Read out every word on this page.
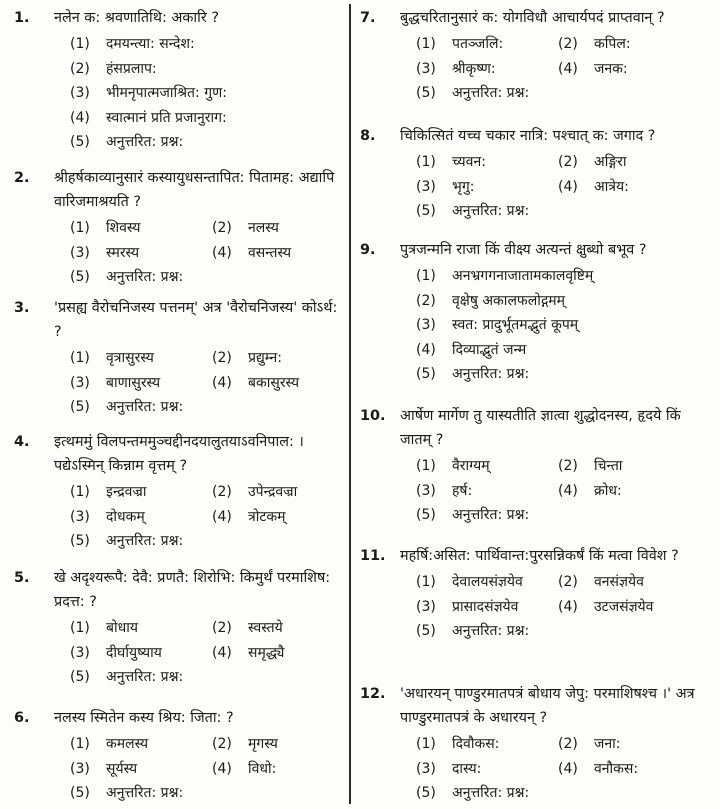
1.	नलेन क: श्रवणातिथि: अकारि ?
(1)	दमयन्त्या: सन्देश:
(2)	हंसप्रलाप:
(3)	भीमनृपात्मजाश्रित: गुण:
(4)	स्वात्मानं प्रति प्रजानुराग:
(5)	अनुत्तरित: प्रश्न:
2.	श्रीहर्षकाव्यानुसारं कस्यायुधसन्तापित: पितामह: अद्यापि वारिजमाश्रयति ?
(1)	शिवस्य	(2)	नलस्य
(3)	स्मरस्य	(4)	वसन्तस्य
(5)	अनुत्तरित: प्रश्न:
3.	'प्रसह्य वैरोचनिजस्य पत्तनम्' अत्र 'वैरोचनिजस्य' कोऽर्थ: ?
(1)	वृत्रासुरस्य	(2)	प्रद्युम्न:
(3)	बाणासुरस्य	(4)	बकासुरस्य
(5)	अनुत्तरित: प्रश्न:
4.	इत्थममुं विलपन्तममुञ्चद्दीनदयालुतयाऽवनिपाल: । पद्येऽस्मिन् किन्नाम वृत्तम् ?
(1)	इन्द्रवज्रा	(2)	उपेन्द्रवज्रा
(3)	दोधकम्	(4)	त्रोटकम्
(5)	अनुत्तरित: प्रश्न:
5.	खे अदृश्यरूपै: देवै: प्रणतै: शिरोभि: किमुर्थं परमाशिष: प्रदत्त: ?
(1)	बोधाय	(2)	स्वस्तये
(3)	दीर्घायुष्याय	(4)	समृद्ध्यै
(5)	अनुत्तरित: प्रश्न:
6.	नलस्य स्मितेन कस्य श्रिय: जिता: ?
(1)	कमलस्य	(2)	मृगस्य
(3)	सूर्यस्य	(4)	विधो:
(5)	अनुत्तरित: प्रश्न:
7.	बुद्धचरितानुसारं क: योगविधौ आचार्यपदं प्राप्तवान् ?
(1)	पतञ्जलि:	(2)	कपिल:
(3)	श्रीकृष्ण:	(4)	जनक:
(5)	अनुत्तरित: प्रश्न:
8.	चिकित्सितं यच्च चकार नात्रि: पश्चात् क: जगाद ?
(1)	च्यवन:	(2)	अङ्गिरा
(3)	भृगु:	(4)	आत्रेय:
(5)	अनुत्तरित: प्रश्न:
9.	पुत्रजन्मनि राजा किं वीक्ष्य अत्यन्तं क्षुब्धो बभूव ?
(1)	अनभ्रगगनाजातामकालवृष्टिम्
(2)	वृक्षेषु अकालफलोद्गमम्
(3)	स्वत: प्रादुर्भूतमद्भुतं कूपम्
(4)	दिव्याद्भुतं जन्म
(5)	अनुत्तरित: प्रश्न:
10.	आर्षेण मार्गेण तु यास्यतीति ज्ञात्वा शुद्धोदनस्य, हृदये किं जातम् ?
(1)	वैराग्यम्	(2)	चिन्ता
(3)	हर्ष:	(4)	क्रोध:
(5)	अनुत्तरित: प्रश्न:
11.	महर्षि:असित: पार्थिवान्त:पुरसन्निकर्षं किं मत्वा विवेश ?
(1)	देवालयसंज्ञयेव	(2)	वनसंज्ञयेव
(3)	प्रासादसंज्ञयेव	(4)	उटजसंज्ञयेव
(5)	अनुत्तरित: प्रश्न:
12.	'अधारयन् पाण्डुरमातपत्रं बोधाय जेपु: परमाशिषश्च ।' अत्र पाण्डुरमातपत्रं के अधारयन् ?
(1)	दिवौकस:	(2)	जना:
(3)	दास्य:	(4)	वनौकस:
(5)	अनुत्तरित: प्रश्न:
